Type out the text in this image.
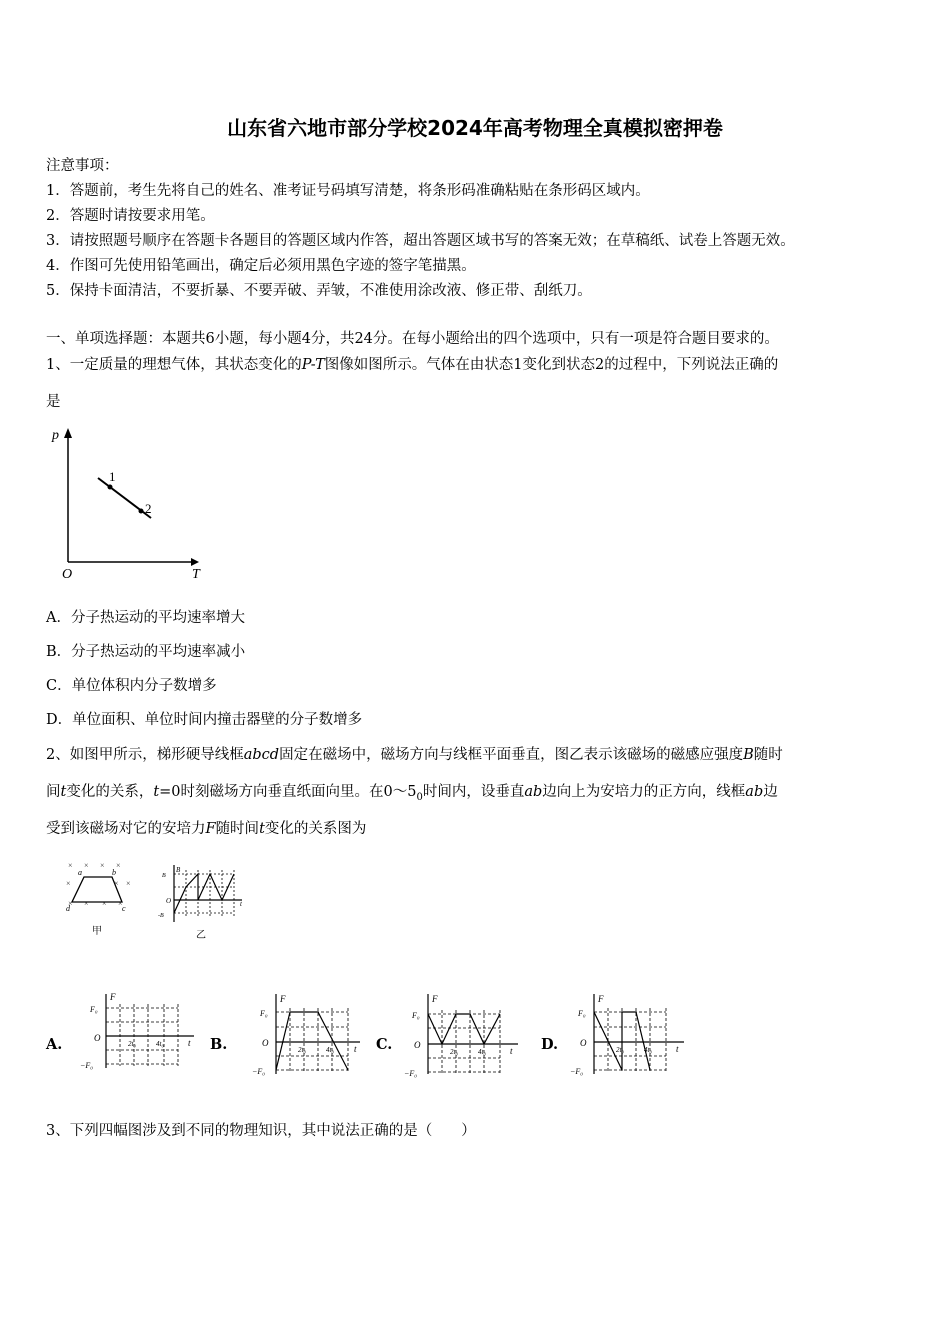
山东省六地市部分学校2024年高考物理全真模拟密押卷
注意事项：
1．答题前，考生先将自己的姓名、准考证号码填写清楚，将条形码准确粘贴在条形码区域内。
2．答题时请按要求用笔。
3．请按照题号顺序在答题卡各题目的答题区域内作答，超出答题区域书写的答案无效；在草稿纸、试卷上答题无效。
4．作图可先使用铅笔画出，确定后必须用黑色字迹的签字笔描黑。
5．保持卡面清洁，不要折暴、不要弄破、弄皱，不准使用涂改液、修正带、刮纸刀。
一、单项选择题：本题共6小题，每小题4分，共24分。在每小题给出的四个选项中，只有一项是符合题目要求的。
1、一定质量的理想气体，其状态变化的P-T图像如图所示。气体在由状态1变化到状态2的过程中，下列说法正确的
是
p
O	T
1
2
A．分子热运动的平均速率增大
B．分子热运动的平均速率减小
C．单位体积内分子数增多
D．单位面积、单位时间内撞击器壁的分子数增多
2、如图甲所示，梯形硬导线框abcd固定在磁场中，磁场方向与线框平面垂直，图乙表示该磁场的磁感应强度B随时
间t变化的关系，t=0时刻磁场方向垂直纸面向里。在$0\sim 5_0$时间内，设垂直ab边向上为安培力的正方向，线框ab边
受到该磁场对它的安培力F随时间t变化的关系图为
× × × ×
×	× ×
× × × ×
a	b
c
d
甲
B
B
O
-B
t
乙
A.
F
F₀
O
−F₀
t
2t₀	4t₀	B.
F
F₀
O
−F₀
t
2t₀	4t₀	C.
F
F₀
O
−F₀
t
2t₀	4t₀	D.
F
F₀
O
−F₀
t
2t₀	4t₀
3、下列四幅图涉及到不同的物理知识，其中说法正确的是（　　）
